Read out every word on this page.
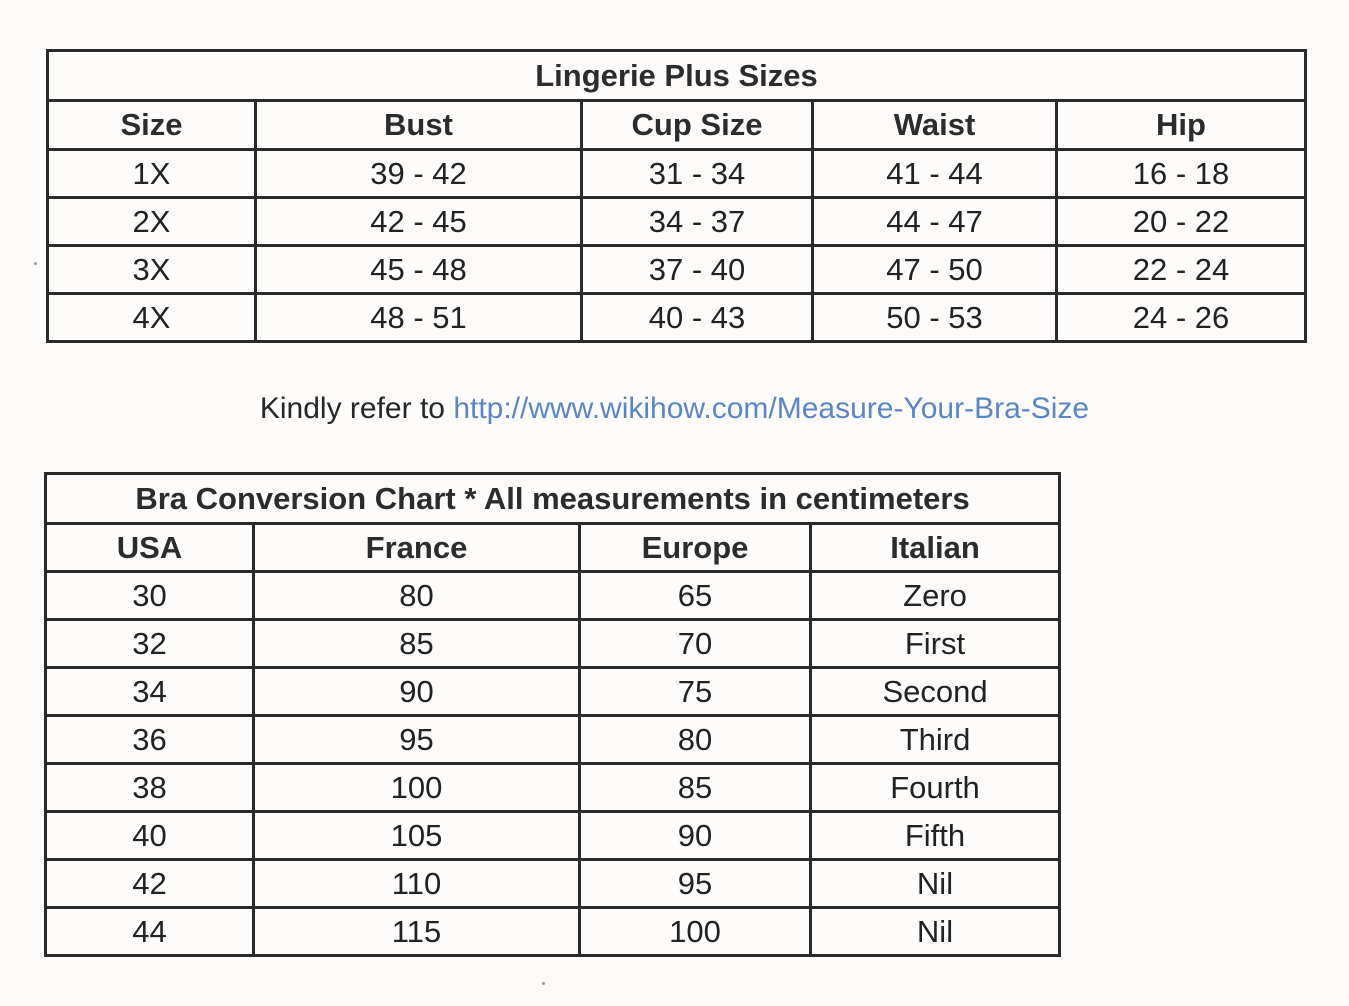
Lingerie Plus Sizes				
Size	Bust	Cup Size	Waist	Hip
1X	39 - 42	31 - 34	41 - 44	16 - 18
2X	42 - 45	34 - 37	44 - 47	20 - 22
3X	45 - 48	37 - 40	47 - 50	22 - 24
4X	48 - 51	40 - 43	50 - 53	24 - 26
Kindly refer to http://www.wikihow.com/Measure-Your-Bra-Size
Bra Conversion Chart * All measurements in centimeters			
USA	France	Europe	Italian
30	80	65	Zero
32	85	70	First
34	90	75	Second
36	95	80	Third
38	100	85	Fourth
40	105	90	Fifth
42	110	95	Nil
44	115	100	Nil
